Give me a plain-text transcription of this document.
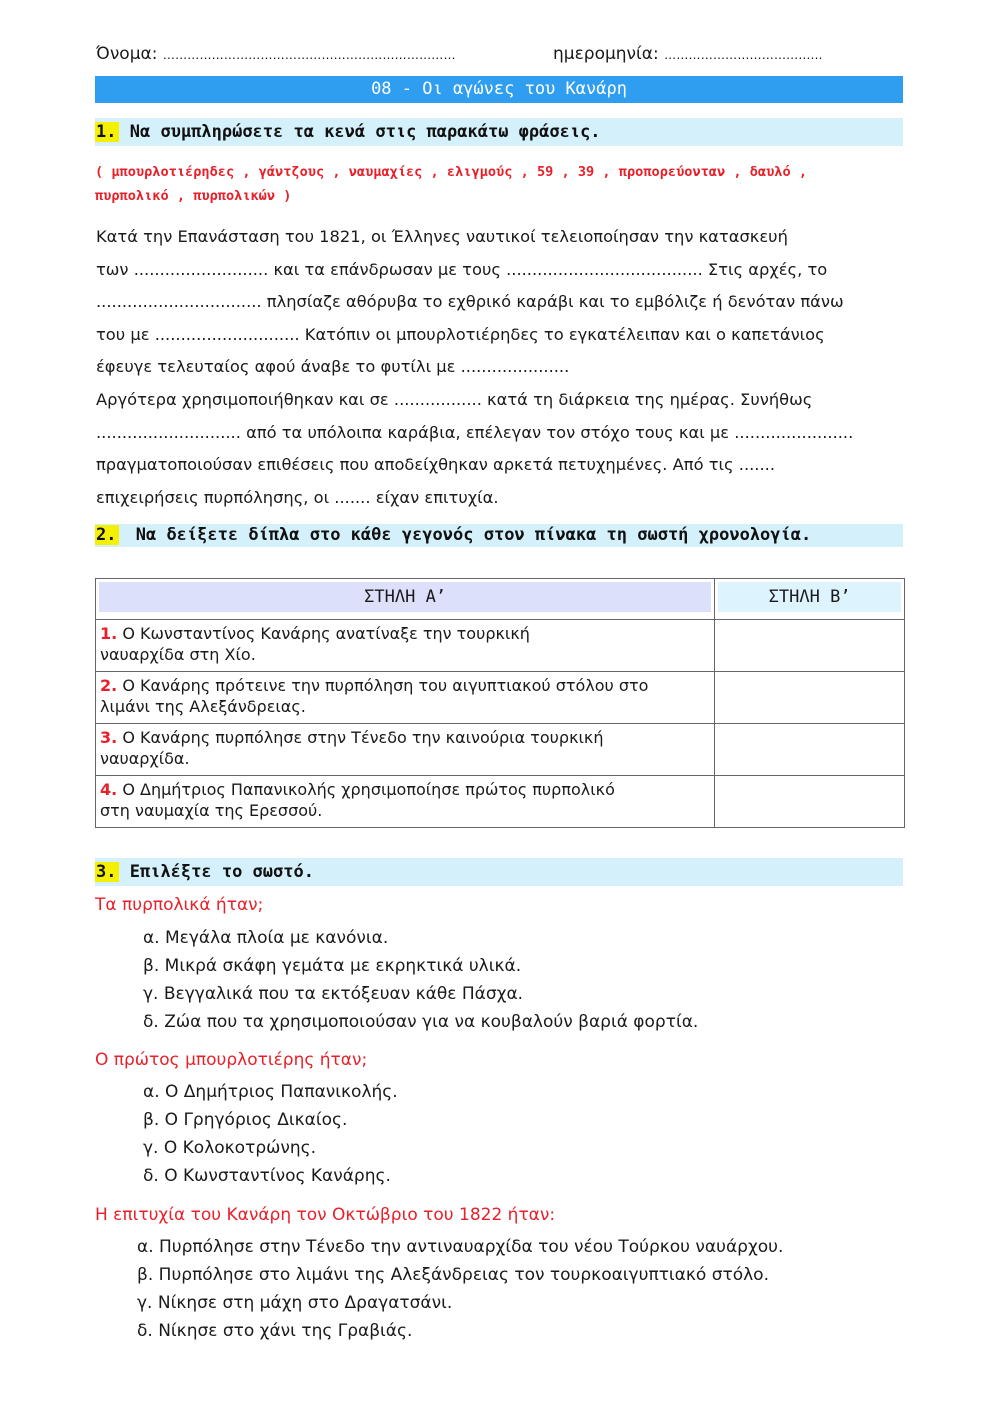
Όνομα: ………………………………………………………………	ημερομηνία: …………………………………
08 - Οι αγώνες του Κανάρη
1. Να συμπληρώσετε τα κενά στις παρακάτω φράσεις.
( μπουρλοτιέρηδες , γάντζους , ναυμαχίες , ελιγμούς , 59 , 39 , προπορεύονταν , δαυλό ,
πυρπολικό , πυρπολικών )
Κατά την Επανάσταση του 1821, οι Έλληνες ναυτικοί τελειοποίησαν την κατασκευή
των .......................... και τα επάνδρωσαν με τους ...................................... Στις αρχές, το
................................ πλησίαζε αθόρυβα το εχθρικό καράβι και το εμβόλιζε ή δενόταν πάνω
του με ............................ Κατόπιν οι μπουρλοτιέρηδες το εγκατέλειπαν και ο καπετάνιος
έφευγε τελευταίος αφού άναβε το φυτίλι με .....................
Αργότερα χρησιμοποιήθηκαν και σε ................. κατά τη διάρκεια της ημέρας. Συνήθως
............................ από τα υπόλοιπα καράβια, επέλεγαν τον στόχο τους και με .......................
πραγματοποιούσαν επιθέσεις που αποδείχθηκαν αρκετά πετυχημένες. Από τις .......
επιχειρήσεις πυρπόλησης, οι ....... είχαν επιτυχία.
2. Να δείξετε δίπλα στο κάθε γεγονός στον πίνακα τη σωστή χρονολογία.
ΣΤΗΛΗ Α’	ΣΤΗΛΗ Β’

1. Ο Κωνσταντίνος Κανάρης ανατίναξε την τουρκική
ναυαρχίδα στη Χίο.	
2. Ο Κανάρης πρότεινε την πυρπόληση του αιγυπτιακού στόλου στο
λιμάνι της Αλεξάνδρειας.	
3. Ο Κανάρης πυρπόλησε στην Τένεδο την καινούρια τουρκική
ναυαρχίδα.	
4. Ο Δημήτριος Παπανικολής χρησιμοποίησε πρώτος πυρπολικό
στη ναυμαχία της Ερεσσού.	
3. Επιλέξτε το σωστό.
Τα πυρπολικά ήταν;
α. Μεγάλα πλοία με κανόνια.
β. Μικρά σκάφη γεμάτα με εκρηκτικά υλικά.
γ. Βεγγαλικά που τα εκτόξευαν κάθε Πάσχα.
δ. Ζώα που τα χρησιμοποιούσαν για να κουβαλούν βαριά φορτία.
Ο πρώτος μπουρλοτιέρης ήταν;
α. Ο Δημήτριος Παπανικολής.
β. Ο Γρηγόριος Δικαίος.
γ. Ο Κολοκοτρώνης.
δ. Ο Κωνσταντίνος Κανάρης.
Η επιτυχία του Κανάρη τον Οκτώβριο του 1822 ήταν:
α. Πυρπόλησε στην Τένεδο την αντιναυαρχίδα του νέου Τούρκου ναυάρχου.
β. Πυρπόλησε στο λιμάνι της Αλεξάνδρειας τον τουρκοαιγυπτιακό στόλο.
γ. Νίκησε στη μάχη στο Δραγατσάνι.
δ. Νίκησε στο χάνι της Γραβιάς.
